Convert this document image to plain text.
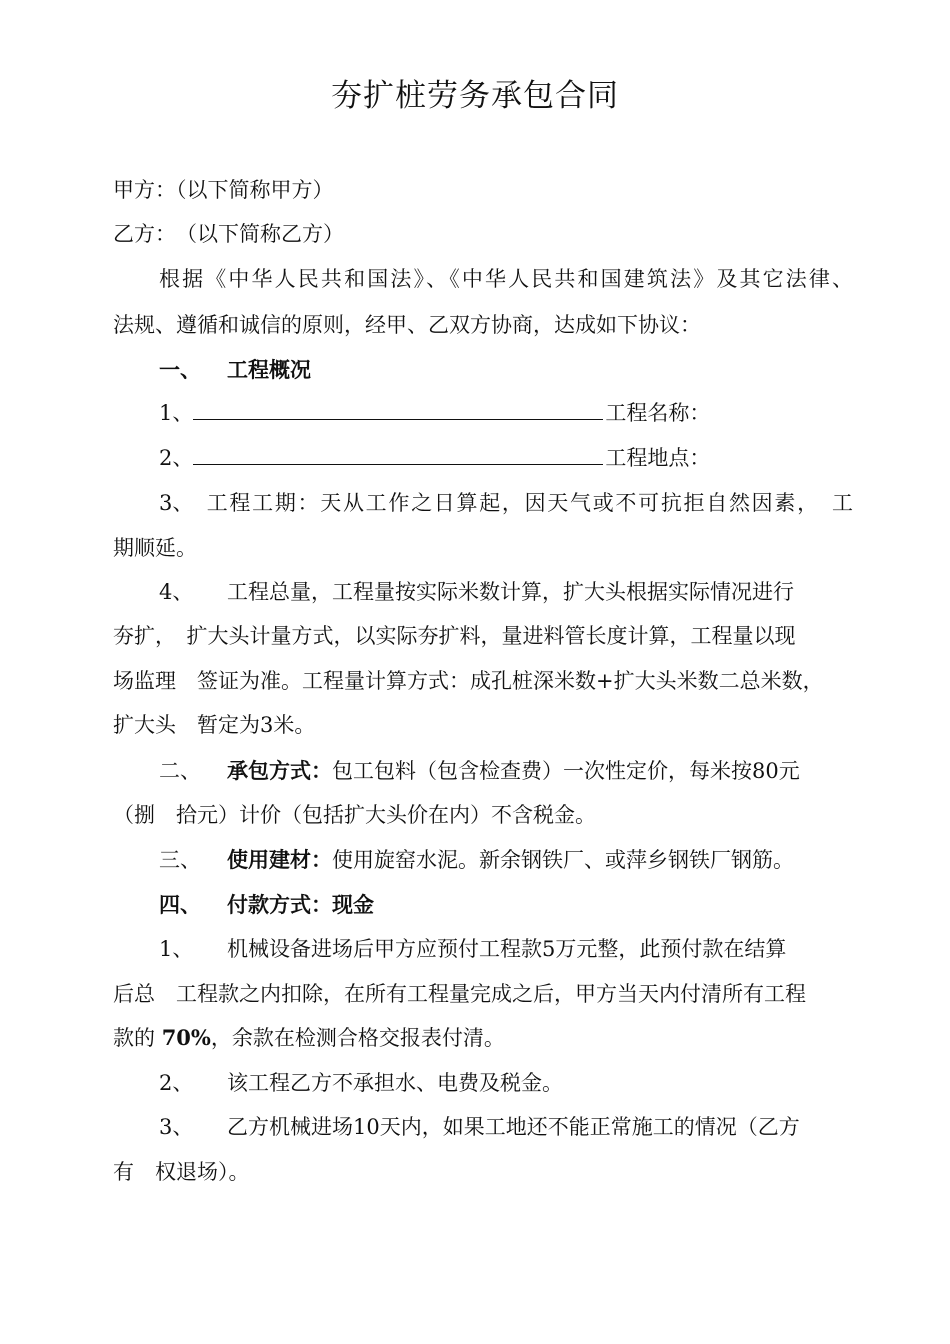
夯扩桩劳务承包合同
甲方：（以下简称甲方）
乙方：　（以下简称乙方）
根据《中华人民共和国法》、《中华人民共和国建筑法》及其它法律、
法规、遵循和诚信的原则，经甲、乙双方协商，达成如下协议：
一、 工程概况
1、	工程名称：
2、	工程地点：
3、 工程工期：天从工作之日算起，因天气或不可抗拒自然因素，　工
期顺延。
4、 工程总量，工程量按实际米数计算，扩大头根据实际情况进行
夯扩，　扩大头计量方式，以实际夯扩料，量进料管长度计算，工程量以现
场监理　签证为准。工程量计算方式：成孔桩深米数+扩大头米数二总米数，
扩大头　暂定为3米。
二、 承包方式：包工包料（包含检查费）一次性定价，每米按80元
（捌　拾元）计价（包括扩大头价在内）不含税金。
三、 使用建材：使用旋窑水泥。新余钢铁厂、或萍乡钢铁厂钢筋。
四、 付款方式：现金
1、 机械设备进场后甲方应预付工程款5万元整，此预付款在结算
后总　工程款之内扣除，在所有工程量完成之后，甲方当天内付清所有工程
款的 70%，余款在检测合格交报表付清。
2、 该工程乙方不承担水、电费及税金。
3、 乙方机械进场10天内，如果工地还不能正常施工的情况（乙方
有　权退场）。
